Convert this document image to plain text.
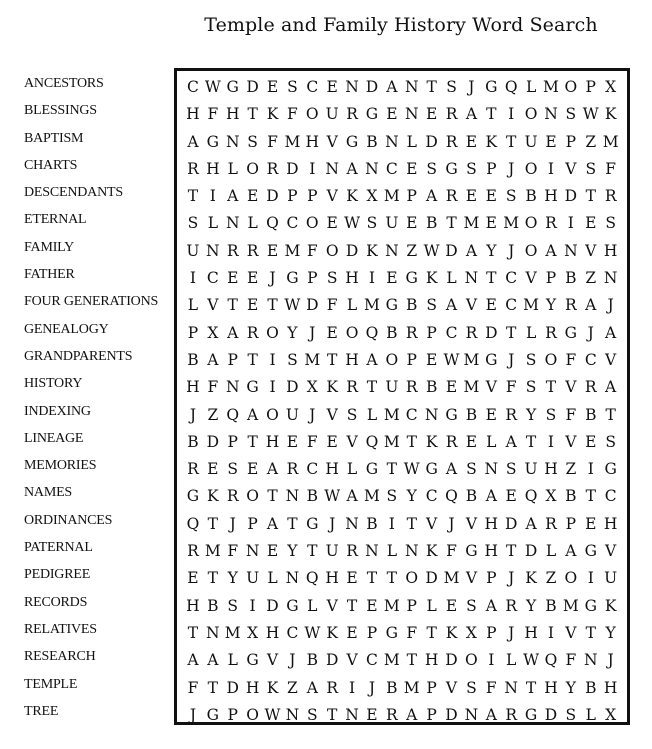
Temple and Family History Word Search
ANCESTORS
BLESSINGS
BAPTISM
CHARTS
DESCENDANTS
ETERNAL
FAMILY
FATHER
FOUR GENERATIONS
GENEALOGY
GRANDPARENTS
HISTORY
INDEXING
LINEAGE
MEMORIES
NAMES
ORDINANCES
PATERNAL
PEDIGREE
RECORDS
RELATIVES
RESEARCH
TEMPLE
TREE
C W G D E S C E N D A N T S J G Q L M O P X
H F H T K F O U R G E N E R A T I O N S W K
A G N S F M H V G B N L D R E K T U E P Z M
R H L O R D I N A N C E S G S P J O I V S F
T I A E D P P V K X M P A R E E S B H D T R
S L N L Q C O E W S U E B T M E M O R I E S
U N R R E M F O D K N Z W D A Y J O A N V H
I C E E J G P S H I E G K L N T C V P B Z N
L V T E T W D F L M G B S A V E C M Y R A J
P X A R O Y J E O Q B R P C R D T L R G J A
B A P T I S M T H A O P E W M G J S O F C V
H F N G I D X K R T U R B E M V F S T V R A
J Z Q A O U J V S L M C N G B E R Y S F B T
B D P T H E F E V Q M T K R E L A T I V E S
R E S E A R C H L G T W G A S N S U H Z I G
G K R O T N B W A M S Y C Q B A E Q X B T C
Q T J P A T G J N B I T V J V H D A R P E H
R M F N E Y T U R N L N K F G H T D L A G V
E T Y U L N Q H E T T O D M V P J K Z O I U
H B S I D G L V T E M P L E S A R Y B M G K
T N M X H C W K E P G F T K X P J H I V T Y
A A L G V J B D V C M T H D O I L W Q F N J
F T D H K Z A R I J B M P V S F N T H Y B H
J G P O W N S T N E R A P D N A R G D S L X
